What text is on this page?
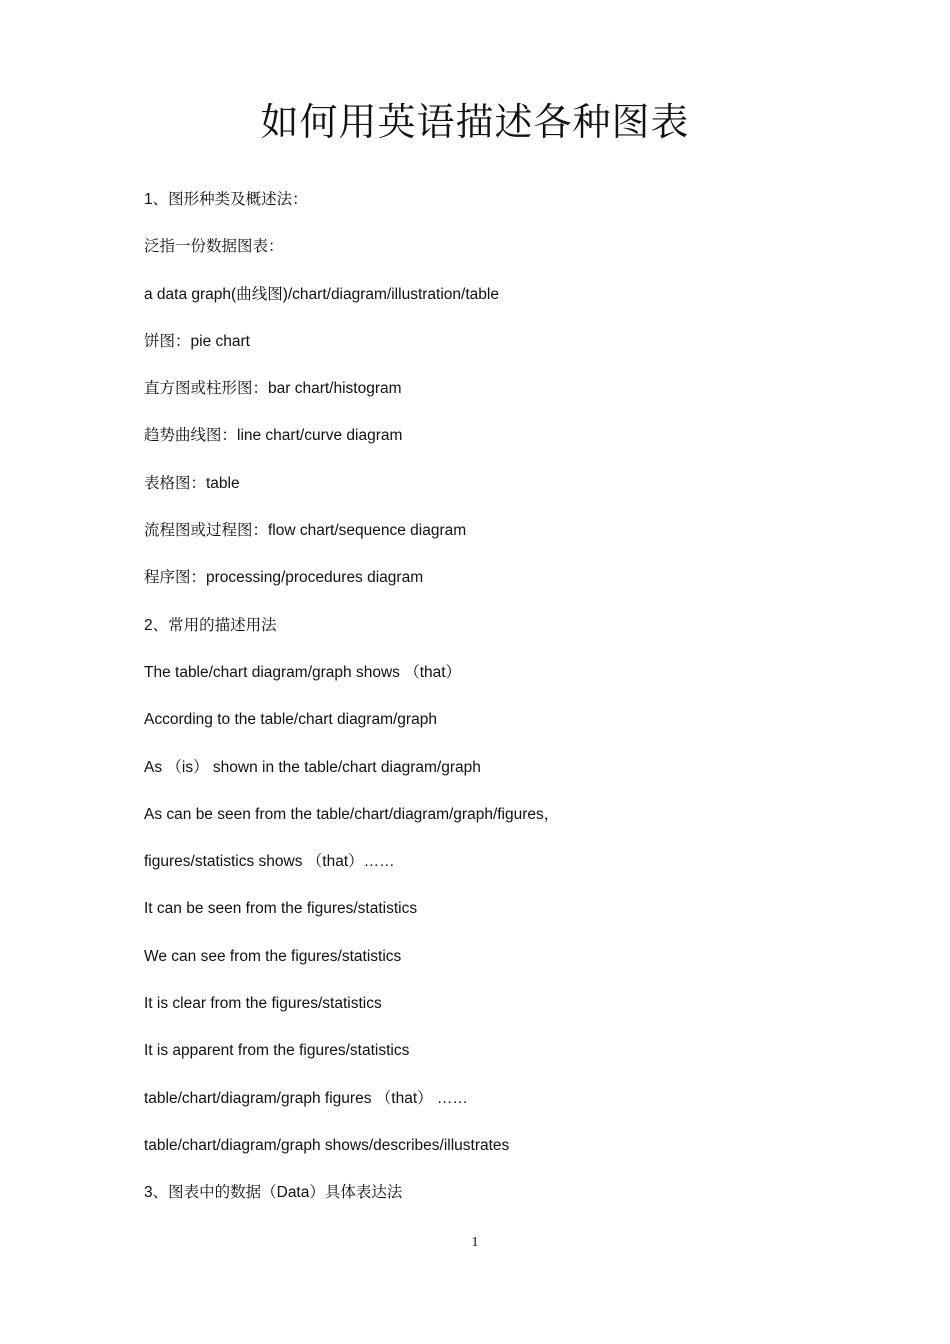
如何用英语描述各种图表
1、图形种类及概述法：
泛指一份数据图表：
a data graph(曲线图)/chart/diagram/illustration/table
饼图：pie chart
直方图或柱形图：bar chart/histogram
趋势曲线图：line chart/curve diagram
表格图：table
流程图或过程图：flow chart/sequence diagram
程序图：processing/procedures diagram
2、常用的描述用法
The table/chart diagram/graph shows （that）
According to the table/chart diagram/graph
As （is） shown in the table/chart diagram/graph
As can be seen from the table/chart/diagram/graph/figures，
figures/statistics shows （that）……
It can be seen from the figures/statistics
We can see from the figures/statistics
It is clear from the figures/statistics
It is apparent from the figures/statistics
table/chart/diagram/graph figures （that） ……
table/chart/diagram/graph shows/describes/illustrates
3、图表中的数据（Data）具体表达法
1
